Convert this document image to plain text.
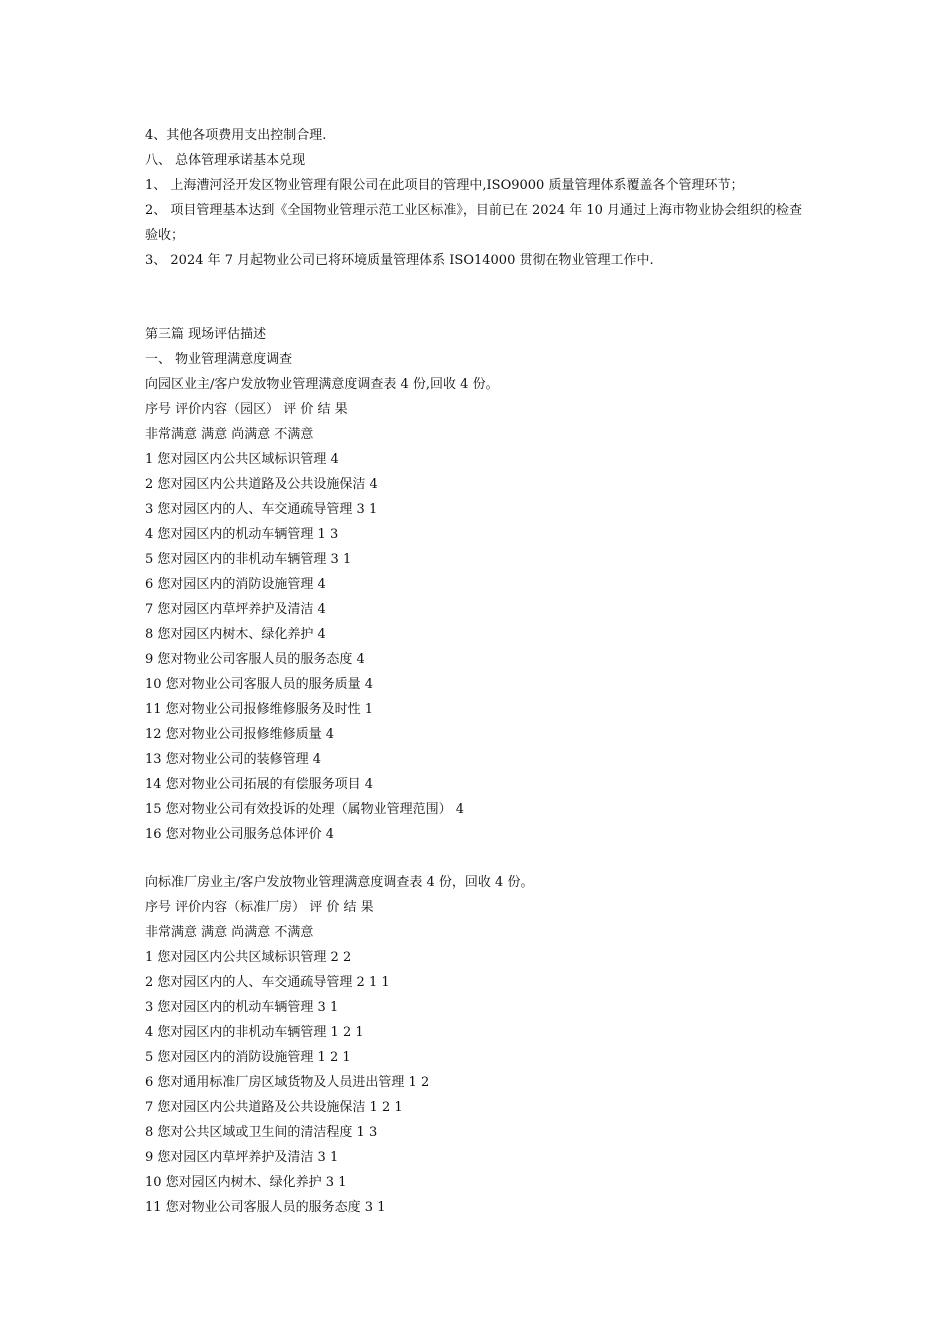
4、其他各项费用支出控制合理.

八、 总体管理承诺基本兑现

1、 上海漕河泾开发区物业管理有限公司在此项目的管理中,ISO9000 质量管理体系覆盖各个管理环节；

2、 项目管理基本达到《全国物业管理示范工业区标准》，目前已在 2024 年 10 月通过上海市物业协会组织的检查验收；

3、 2024 年 7 月起物业公司已将环境质量管理体系 ISO14000 贯彻在物业管理工作中.

第三篇 现场评估描述

一、 物业管理满意度调查

向园区业主/客户发放物业管理满意度调查表 4 份,回收 4 份。

序号 评价内容（园区） 评 价 结 果

非常满意 满意 尚满意 不满意

1 您对园区内公共区域标识管理 4

2 您对园区内公共道路及公共设施保洁 4

3 您对园区内的人、车交通疏导管理 3 1

4 您对园区内的机动车辆管理 1 3

5 您对园区内的非机动车辆管理 3 1

6 您对园区内的消防设施管理 4

7 您对园区内草坪养护及清洁 4

8 您对园区内树木、绿化养护 4

9 您对物业公司客服人员的服务态度 4

10 您对物业公司客服人员的服务质量 4

11 您对物业公司报修维修服务及时性 1

12 您对物业公司报修维修质量 4

13 您对物业公司的装修管理 4

14 您对物业公司拓展的有偿服务项目 4

15 您对物业公司有效投诉的处理（属物业管理范围） 4

16 您对物业公司服务总体评价 4

向标准厂房业主/客户发放物业管理满意度调查表 4 份，回收 4 份。

序号 评价内容（标准厂房） 评 价 结 果

非常满意 满意 尚满意 不满意

1 您对园区内公共区域标识管理 2 2

2 您对园区内的人、车交通疏导管理 2 1 1

3 您对园区内的机动车辆管理 3 1

4 您对园区内的非机动车辆管理 1 2 1

5 您对园区内的消防设施管理 1 2 1

6 您对通用标准厂房区域货物及人员进出管理 1 2

7 您对园区内公共道路及公共设施保洁 1 2 1

8 您对公共区域或卫生间的清洁程度 1 3

9 您对园区内草坪养护及清洁 3 1

10 您对园区内树木、绿化养护 3 1

11 您对物业公司客服人员的服务态度 3 1
